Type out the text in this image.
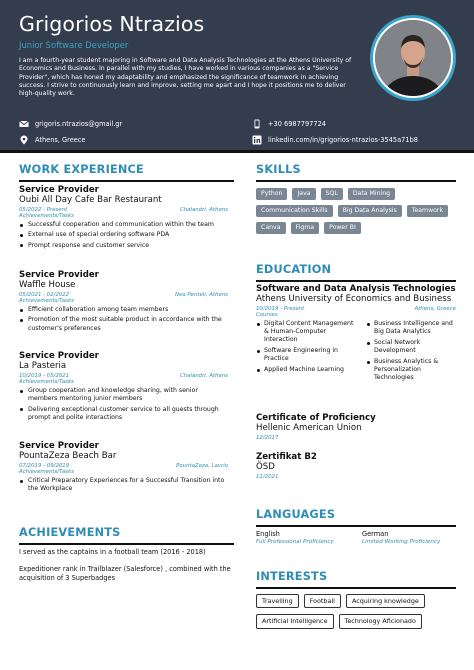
Grigorios Ntrazios
Junior Software Developer
I am a fourth-year student majoring in Software and Data Analysis Technologies at the Athens University of Economics and Business. In parallel with my studies, I have worked in various companies as a "Service Provider", which has honed my adaptability and emphasized the significance of teamwork in achieving success. I strive to continuously learn and improve, setting me apart and I hope it positions me to deliver high-quality work.
grigoris.ntrazios@gmail.gr	+30 6987797724
Athens, Greece	linkedin.com/in/grigorios-ntrazios-3545a71b8
WORK EXPERIENCE
Service Provider
Oubi All Day Cafe Bar Restaurant
05/2022 - Present	Chalandri, Athens
Achievements/Tasks
Successful cooperation and communication within the team
External use of special ordering software PDA
Prompt response and customer service
Service Provider
Waffle House
05/2021 - 02/2022	Nea Penteli, Athens
Achievements/Tasks
Efficient collaboration among team members
Promotion of the most suitable product in accordance with the customer's preferences
Service Provider
La Pasteria
10/2019 - 05/2021	Chalandri, Athens
Achievements/Tasks
Group cooperation and knowledge sharing, with senior members mentoring junior members
Delivering exceptional customer service to all guests through prompt and polite interactions
Service Provider
PountaZeza Beach Bar
07/2019 - 09/2019	PountaZeza, Lavrio
Achievements/Tasks
Critical Preparatory Experiences for a Successful Transition into the Workplace
ACHIEVEMENTS
I served as the captains in a football team (2016 - 2018)
Expeditioner rank in Trailblazer (Salesforce) , combined with the acquisition of 3 Superbadges
SKILLS
Python	Java	SQL	Data Mining
Communication Skills	Big Data Analysis	Teamwork
Canva	Figma	Power BI
EDUCATION
Software and Data Analysis Technologies
Athens University of Economics and Business
10/2019 - Present	Athens, Greece
Courses
Digital Content Management & Human-Computer Interaction
Software Engineering in Practice
Applied Machine Learning
Business Intelligence and Big Data Analytics
Social Network Development
Business Analytics & Personalization Technologies
Certificate of Proficiency
Hellenic American Union
12/2017
Zertifikat B2
ÖSD
11/2021
LANGUAGES
English
Full Professional Proficiency
German
Limited Working Proficiency
INTERESTS
Travelling	Football	Acquiring knowledge
Artificial Intelligence	Technology Aficionado
